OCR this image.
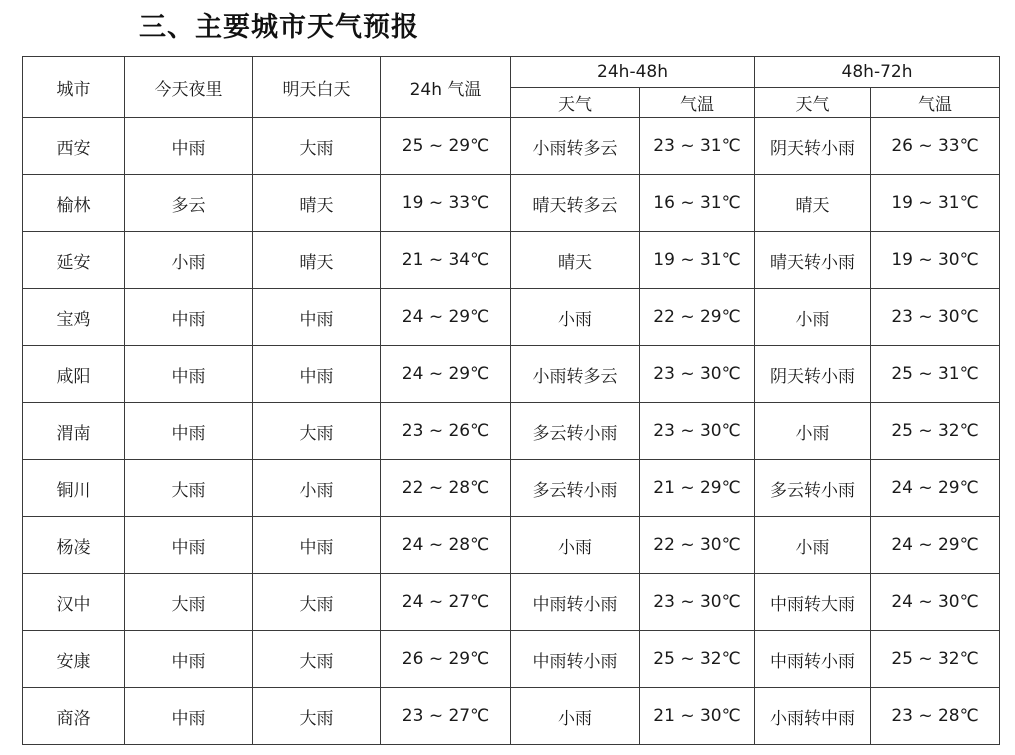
三、主要城市天气预报
城市	今天夜里	明天白天	24h 气温	24h-48h		48h-72h	
				天气	气温	天气	气温
西安	中雨	大雨	25 ~ 29℃	小雨转多云	23 ~ 31℃	阴天转小雨	26 ~ 33℃
榆林	多云	晴天	19 ~ 33℃	晴天转多云	16 ~ 31℃	晴天	19 ~ 31℃
延安	小雨	晴天	21 ~ 34℃	晴天	19 ~ 31℃	晴天转小雨	19 ~ 30℃
宝鸡	中雨	中雨	24 ~ 29℃	小雨	22 ~ 29℃	小雨	23 ~ 30℃
咸阳	中雨	中雨	24 ~ 29℃	小雨转多云	23 ~ 30℃	阴天转小雨	25 ~ 31℃
渭南	中雨	大雨	23 ~ 26℃	多云转小雨	23 ~ 30℃	小雨	25 ~ 32℃
铜川	大雨	小雨	22 ~ 28℃	多云转小雨	21 ~ 29℃	多云转小雨	24 ~ 29℃
杨凌	中雨	中雨	24 ~ 28℃	小雨	22 ~ 30℃	小雨	24 ~ 29℃
汉中	大雨	大雨	24 ~ 27℃	中雨转小雨	23 ~ 30℃	中雨转大雨	24 ~ 30℃
安康	中雨	大雨	26 ~ 29℃	中雨转小雨	25 ~ 32℃	中雨转小雨	25 ~ 32℃
商洛	中雨	大雨	23 ~ 27℃	小雨	21 ~ 30℃	小雨转中雨	23 ~ 28℃
